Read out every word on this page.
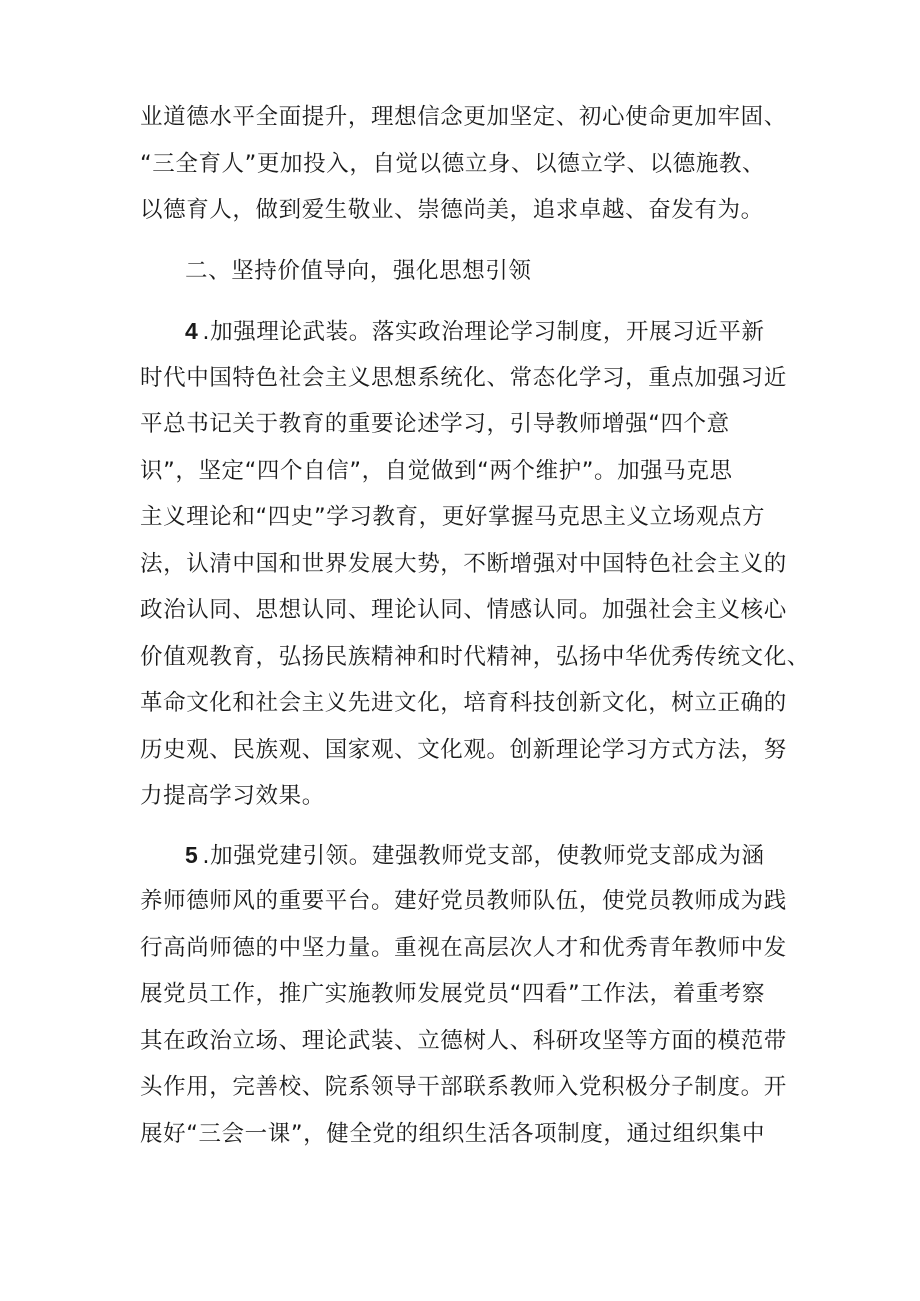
业道德水平全面提升，理想信念更加坚定、初心使命更加牢固、
“三全育人”更加投入，自觉以德立身、以德立学、以德施教、
以德育人，做到爱生敬业、崇德尚美，追求卓越、奋发有为。

二、坚持价值导向，强化思想引领

4 .加强理论武装。落实政治理论学习制度，开展习近平新
时代中国特色社会主义思想系统化、常态化学习，重点加强习近
平总书记关于教育的重要论述学习，引导教师增强“四个意
识”，坚定“四个自信”，自觉做到“两个维护”。加强马克思
主义理论和“四史”学习教育，更好掌握马克思主义立场观点方
法，认清中国和世界发展大势，不断增强对中国特色社会主义的
政治认同、思想认同、理论认同、情感认同。加强社会主义核心
价值观教育，弘扬民族精神和时代精神，弘扬中华优秀传统文化、
革命文化和社会主义先进文化，培育科技创新文化，树立正确的
历史观、民族观、国家观、文化观。创新理论学习方式方法，努
力提高学习效果。

5 .加强党建引领。建强教师党支部，使教师党支部成为涵
养师德师风的重要平台。建好党员教师队伍，使党员教师成为践
行高尚师德的中坚力量。重视在高层次人才和优秀青年教师中发
展党员工作，推广实施教师发展党员“四看”工作法，着重考察
其在政治立场、理论武装、立德树人、科研攻坚等方面的模范带
头作用，完善校、院系领导干部联系教师入党积极分子制度。开
展好“三会一课”，健全党的组织生活各项制度，通过组织集中
